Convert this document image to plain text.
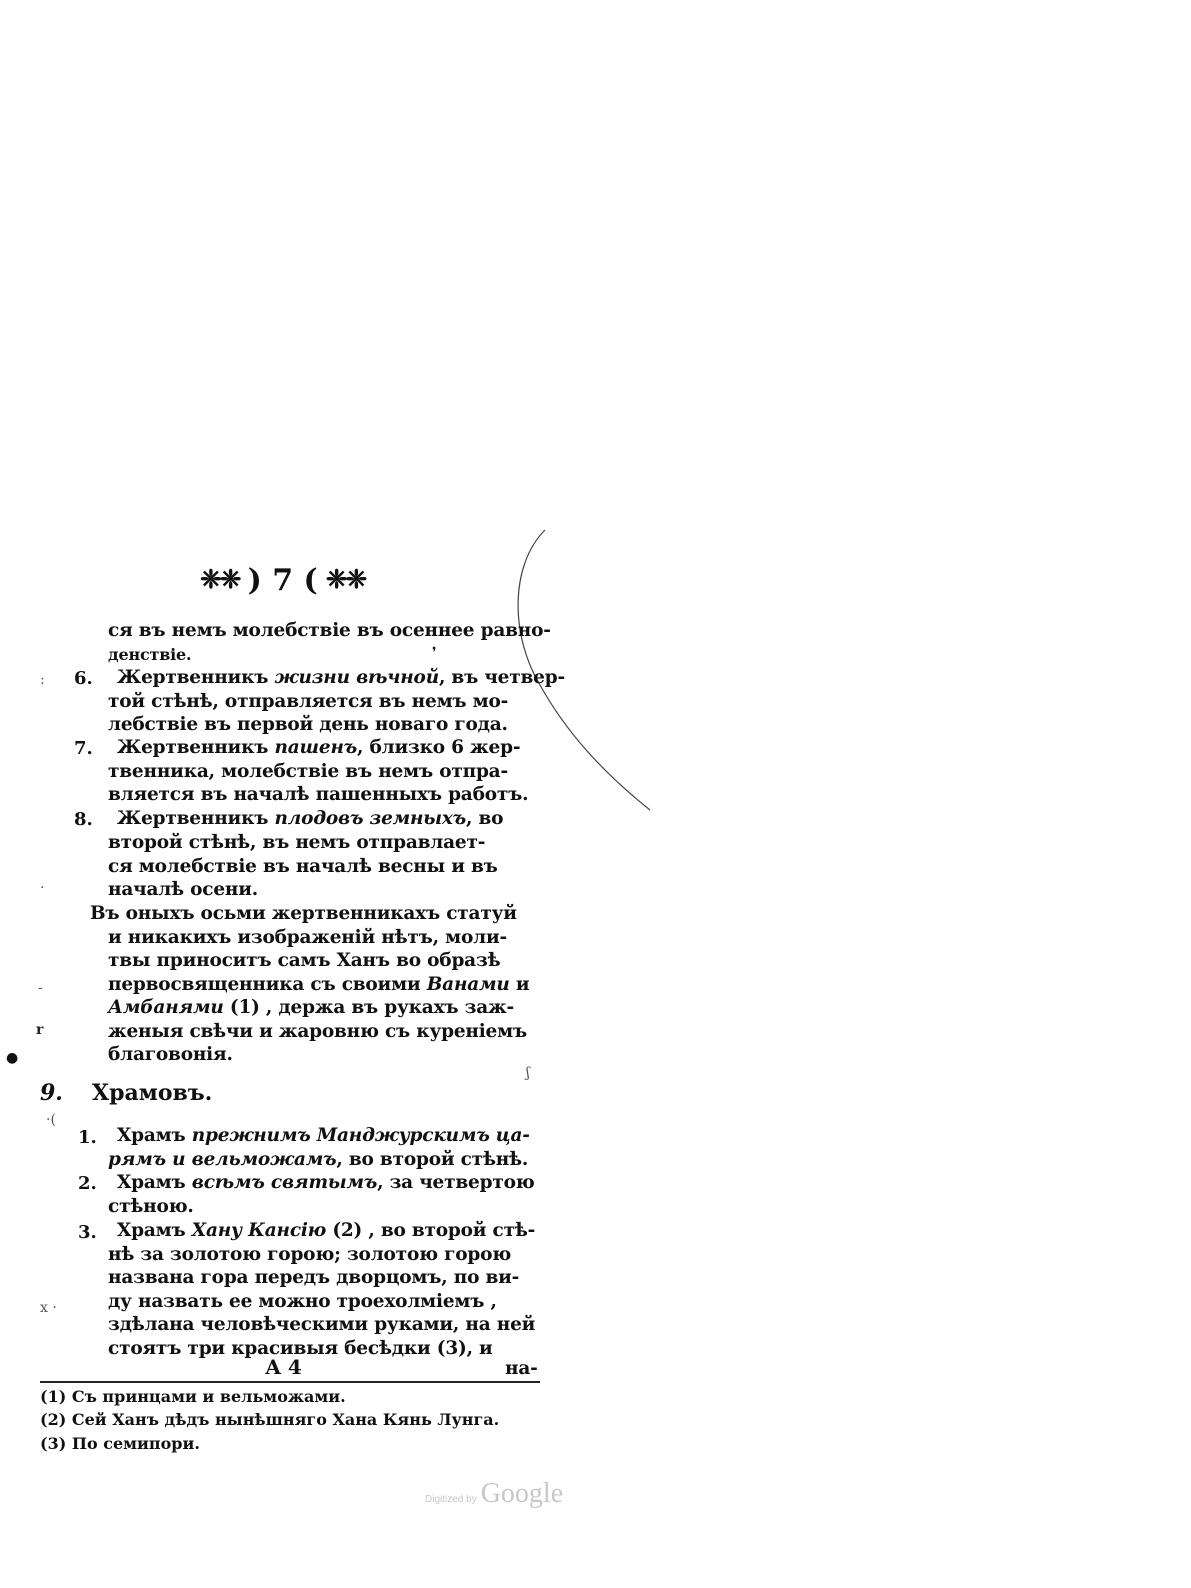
❈❈ ) 7 ( ❈❈
ся въ немъ молебствіе въ осеннее равно-
денствіе.
6. Жертвенникъ жизни вѣчной, въ четвер-
той стѣнѣ, отправляется въ немъ мо-
лебствіе въ первой день новаго года.
7. Жертвенникъ пашенъ, близко 6 жер-
твенника, молебствіе въ немъ отпра-
вляется въ началѣ пашенныхъ работъ.
8. Жертвенникъ плодовъ земныхъ, во
второй стѣнѣ, въ немъ отправлает-
ся молебствіе въ началѣ весны и въ
началѣ осени.
Въ оныхъ осьми жертвенникахъ статуй
и никакихъ изображеній нѣтъ, моли-
твы приноситъ самъ Ханъ во образѣ
первосвященника съ своими Ванами и
Амбанями (1) , держа въ рукахъ заж-
женыя свѣчи и жаровню съ куреніемъ
благовонія.
9. Храмовъ.
1. Храмъ прежнимъ Манджурскимъ ца-
рямъ и вельможамъ, во второй стѣнѣ.
2. Храмъ всѣмъ святымъ, за четвертою
стѣною.
3. Храмъ Хану Кансію (2) , во второй стѣ-
нѣ за золотою горою; золотою горою
названа гора передъ дворцомъ, по ви-
ду назвать ее можно троехолміемъ ,
здѣлана человѣческими руками, на ней
стоятъ три красивыя бесѣдки (3), и
А 4	на-
(1) Съ принцами и вельможами.
(2) Сей Ханъ дѣдъ нынѣшняго Хана Кянь Лунга.
(3) По семипори.
:
·
-
r
●
·(
x ·
❜
ʃ
Digitized by Google
